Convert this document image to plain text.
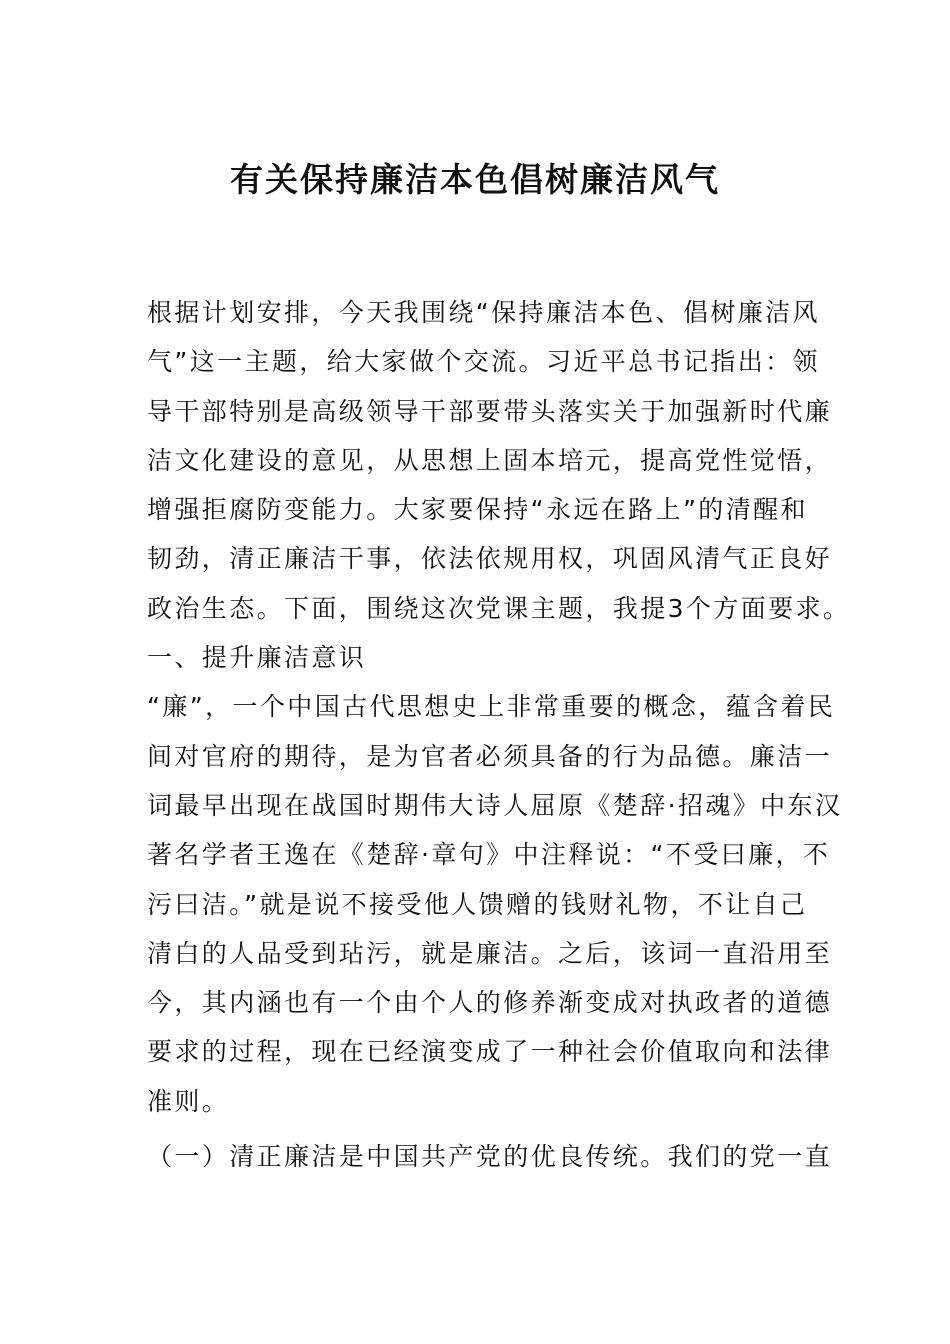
有关保持廉洁本色倡树廉洁风气
根据计划安排，今天我围绕“保持廉洁本色、倡树廉洁风
气”这一主题，给大家做个交流。习近平总书记指出：领
导干部特别是高级领导干部要带头落实关于加强新时代廉
洁文化建设的意见，从思想上固本培元，提高党性觉悟，
增强拒腐防变能力。大家要保持“永远在路上”的清醒和
韧劲，清正廉洁干事，依法依规用权，巩固风清气正良好
政治生态。下面，围绕这次党课主题，我提3个方面要求。
一、提升廉洁意识
“廉”，一个中国古代思想史上非常重要的概念，蕴含着民
间对官府的期待，是为官者必须具备的行为品德。廉洁一
词最早出现在战国时期伟大诗人屈原《楚辞·招魂》中东汉
著名学者王逸在《楚辞·章句》中注释说：“不受曰廉，不
污曰洁。”就是说不接受他人馈赠的钱财礼物，不让自己
清白的人品受到玷污，就是廉洁。之后，该词一直沿用至
今，其内涵也有一个由个人的修养渐变成对执政者的道德
要求的过程，现在已经演变成了一种社会价值取向和法律
准则。
（一）清正廉洁是中国共产党的优良传统。我们的党一直
